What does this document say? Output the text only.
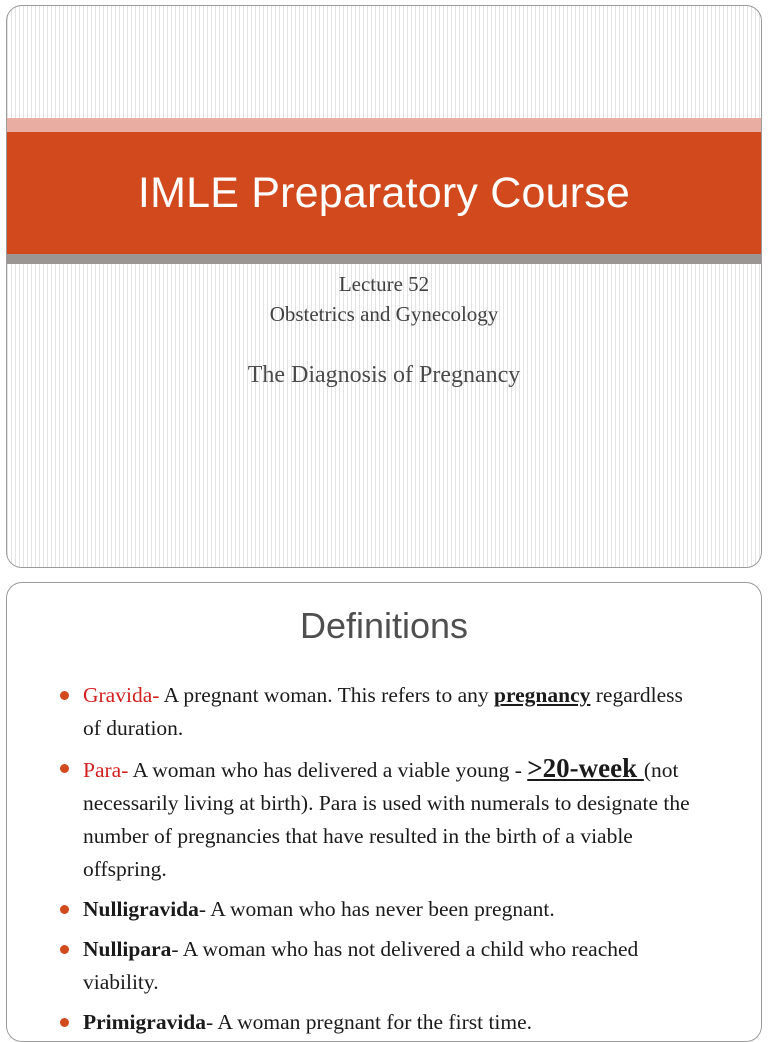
IMLE Preparatory Course
Lecture 52
Obstetrics and Gynecology
The Diagnosis of Pregnancy
Definitions
Gravida- A pregnant woman. This refers to any pregnancy regardless of duration.
Para- A woman who has delivered a viable young - >20-week (not necessarily living at birth). Para is used with numerals to designate the number of pregnancies that have resulted in the birth of a viable offspring.
Nulligravida- A woman who has never been pregnant.
Nullipara- A woman who has not delivered a child who reached viability.
Primigravida- A woman pregnant for the first time.
